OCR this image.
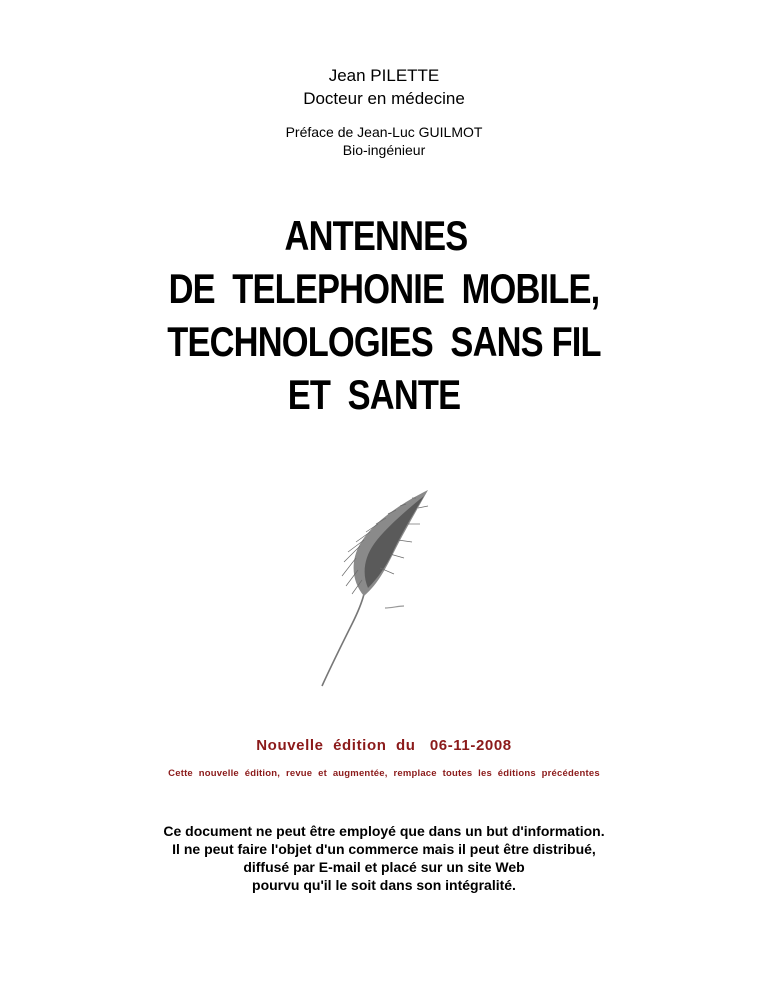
Jean PILETTE
Docteur en médecine
Préface de Jean-Luc GUILMOT
Bio-ingénieur
ANTENNES
DE  TELEPHONIE  MOBILE,
TECHNOLOGIES  SANS FIL
ET  SANTE
Nouvelle  édition  du   06-11-2008
Cette nouvelle édition, revue et augmentée, remplace toutes les éditions précédentes
Ce document ne peut être employé que dans un but d'information.
Il ne peut faire l'objet d'un commerce mais il peut être distribué,
diffusé par E-mail et placé sur un site Web
pourvu qu'il le soit dans son intégralité.
